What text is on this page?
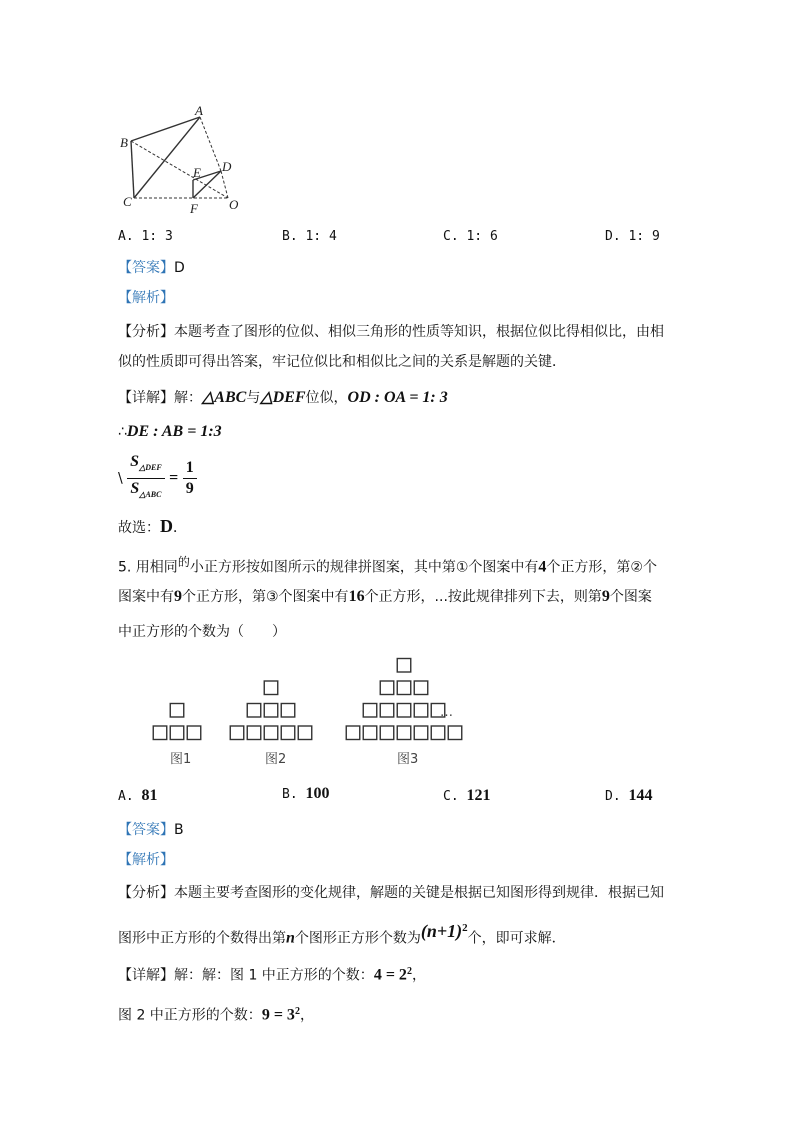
A
B
C
D
E
F O
A. 1: 3	B. 1: 4	C. 1: 6	D. 1: 9
【答案】D
【解析】
【分析】本题考查了图形的位似、相似三角形的性质等知识，根据位似比得相似比，由相
似的性质即可得出答案，牢记位似比和相似比之间的关系是解题的关键．
【详解】解：△ABC与△DEF位似，OD : OA = 1: 3
∴DE : AB = 1:3
\ $\frac{S_{\triangle DEF}}{S_{\triangle ABC}} = \frac{1}{9}$
故选：D．
5. 用相同$^的$小正方形按如图所示的规律拼图案，其中第①个图案中有4个正方形，第②个
图案中有9个正方形，第③个图案中有16个正方形，...按此规律排列下去，则第9个图案
中正方形的个数为（　　）
图1	图2	图3
…
A. 81	B. 100	C. 121	D. 144
【答案】B
【解析】
【分析】本题主要考查图形的变化规律，解题的关键是根据已知图形得到规律．根据已知
图形中正方形的个数得出第n个图形正方形个数为$(n+1)^2$个，即可求解．
【详解】解：解：图 1 中正方形的个数：$4 = 2^2$，
图 2 中正方形的个数：$9 = 3^2$，
